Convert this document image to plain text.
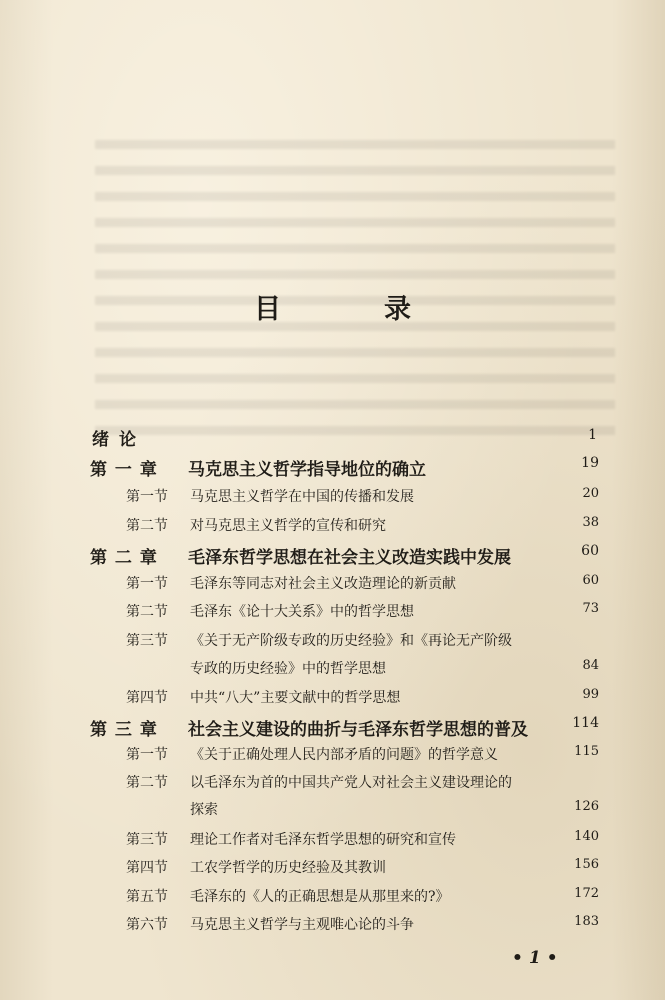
目　录
绪论	1
第 一 章 马克思主义哲学指导地位的确立	19
第一节 马克思主义哲学在中国的传播和发展	20
第二节 对马克思主义哲学的宣传和研究	38
第 二 章 毛泽东哲学思想在社会主义改造实践中发展	60
第一节 毛泽东等同志对社会主义改造理论的新贡献	60
第二节 毛泽东《论十大关系》中的哲学思想	73
第三节 《关于无产阶级专政的历史经验》和《再论无产阶级
专政的历史经验》中的哲学思想	84
第四节 中共“八大”主要文献中的哲学思想	99
第 三 章 社会主义建设的曲折与毛泽东哲学思想的普及	114
第一节 《关于正确处理人民内部矛盾的问题》的哲学意义	115
第二节 以毛泽东为首的中国共产党人对社会主义建设理论的
探索	126
第三节 理论工作者对毛泽东哲学思想的研究和宣传	140
第四节 工农学哲学的历史经验及其教训	156
第五节 毛泽东的《人的正确思想是从那里来的?》	172
第六节 马克思主义哲学与主观唯心论的斗争	183
•1•
